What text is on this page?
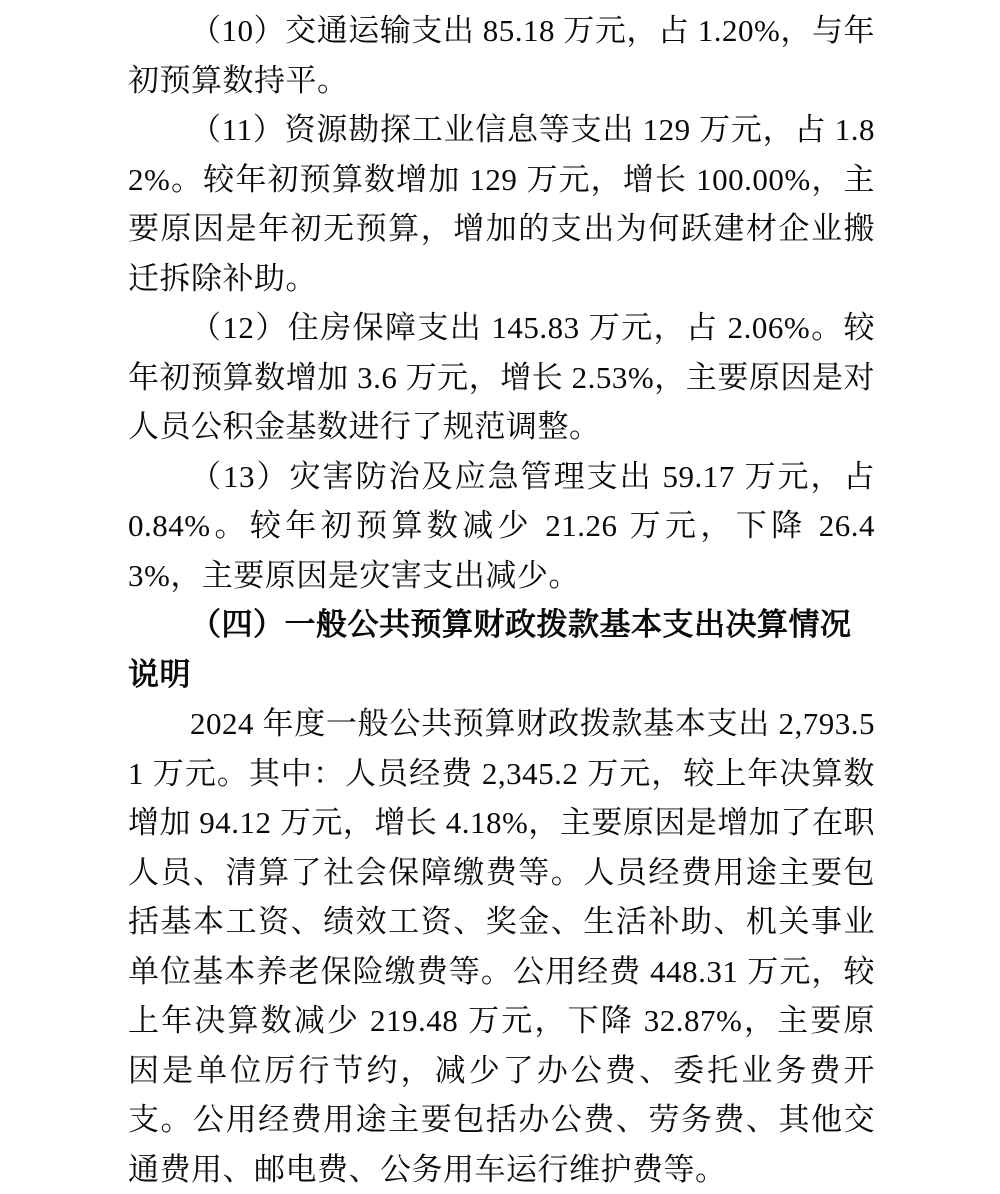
（10）交通运输支出 85.18 万元，占 1.20%，与年初预算数持平。

（11）资源勘探工业信息等支出 129 万元，占 1.82%。较年初预算数增加 129 万元，增长 100.00%，主要原因是年初无预算，增加的支出为何跃建材企业搬迁拆除补助。

（12）住房保障支出 145.83 万元，占 2.06%。较年初预算数增加 3.6 万元，增长 2.53%，主要原因是对人员公积金基数进行了规范调整。

（13）灾害防治及应急管理支出 59.17 万元，占 0.84%。较年初预算数减少 21.26 万元，下降 26.43%，主要原因是灾害支出减少。

（四）一般公共预算财政拨款基本支出决算情况说明

2024 年度一般公共预算财政拨款基本支出 2,793.51 万元。其中：人员经费 2,345.2 万元，较上年决算数增加 94.12 万元，增长 4.18%，主要原因是增加了在职人员、清算了社会保障缴费等。人员经费用途主要包括基本工资、绩效工资、奖金、生活补助、机关事业单位基本养老保险缴费等。公用经费 448.31 万元，较上年决算数减少 219.48 万元，下降 32.87%，主要原因是单位厉行节约，减少了办公费、委托业务费开支。公用经费用途主要包括办公费、劳务费、其他交通费用、邮电费、公务用车运行维护费等。
